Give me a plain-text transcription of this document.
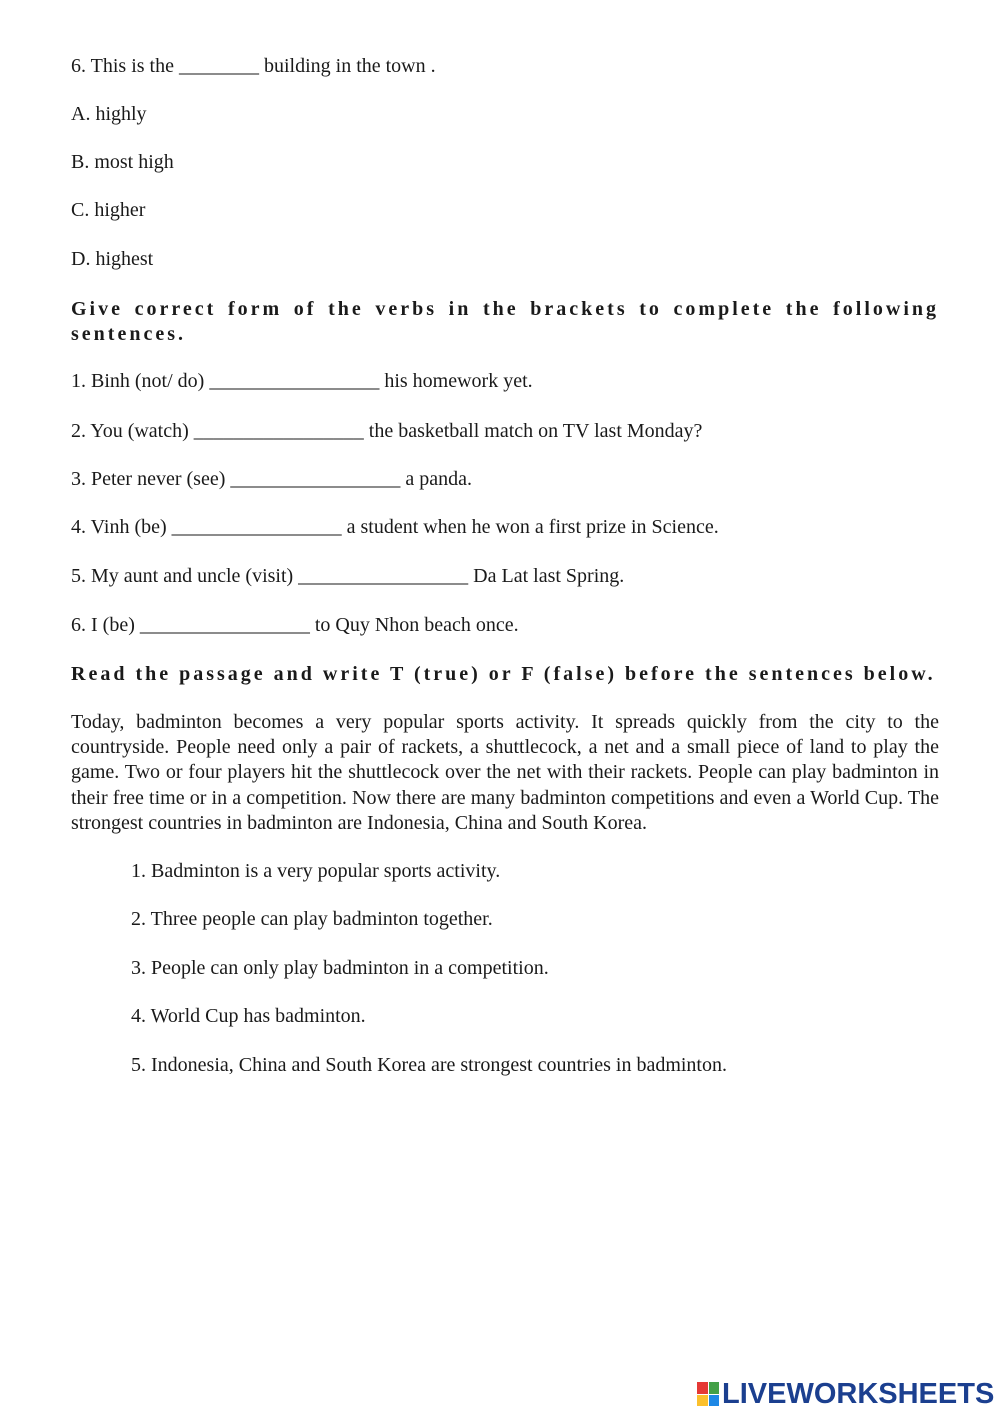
6. This is the ________ building in the town .
A. highly
B. most high
C. higher
D. highest
Give correct form of the verbs in the brackets to complete the following sentences.
1. Binh (not/ do) _________________ his homework yet.
2. You (watch) _________________ the basketball match on TV last Monday?
3. Peter never (see) _________________ a panda.
4. Vinh (be) _________________ a student when he won a first prize in Science.
5. My aunt and uncle (visit) _________________ Da Lat last Spring.
6. I (be) _________________ to Quy Nhon beach once.
Read the passage and write T (true) or F (false) before the sentences below.
Today, badminton becomes a very popular sports activity. It spreads quickly from the city to the countryside. People need only a pair of rackets, a shuttlecock, a net and a small piece of land to play the game. Two or four players hit the shuttlecock over the net with their rackets. People can play badminton in their free time or in a competition. Now there are many badminton competitions and even a World Cup. The strongest countries in badminton are Indonesia, China and South Korea.
1. Badminton is a very popular sports activity.
2. Three people can play badminton together.
3. People can only play badminton in a competition.
4. World Cup has badminton.
5. Indonesia, China and South Korea are strongest countries in badminton.
LIVEWORKSHEETS
